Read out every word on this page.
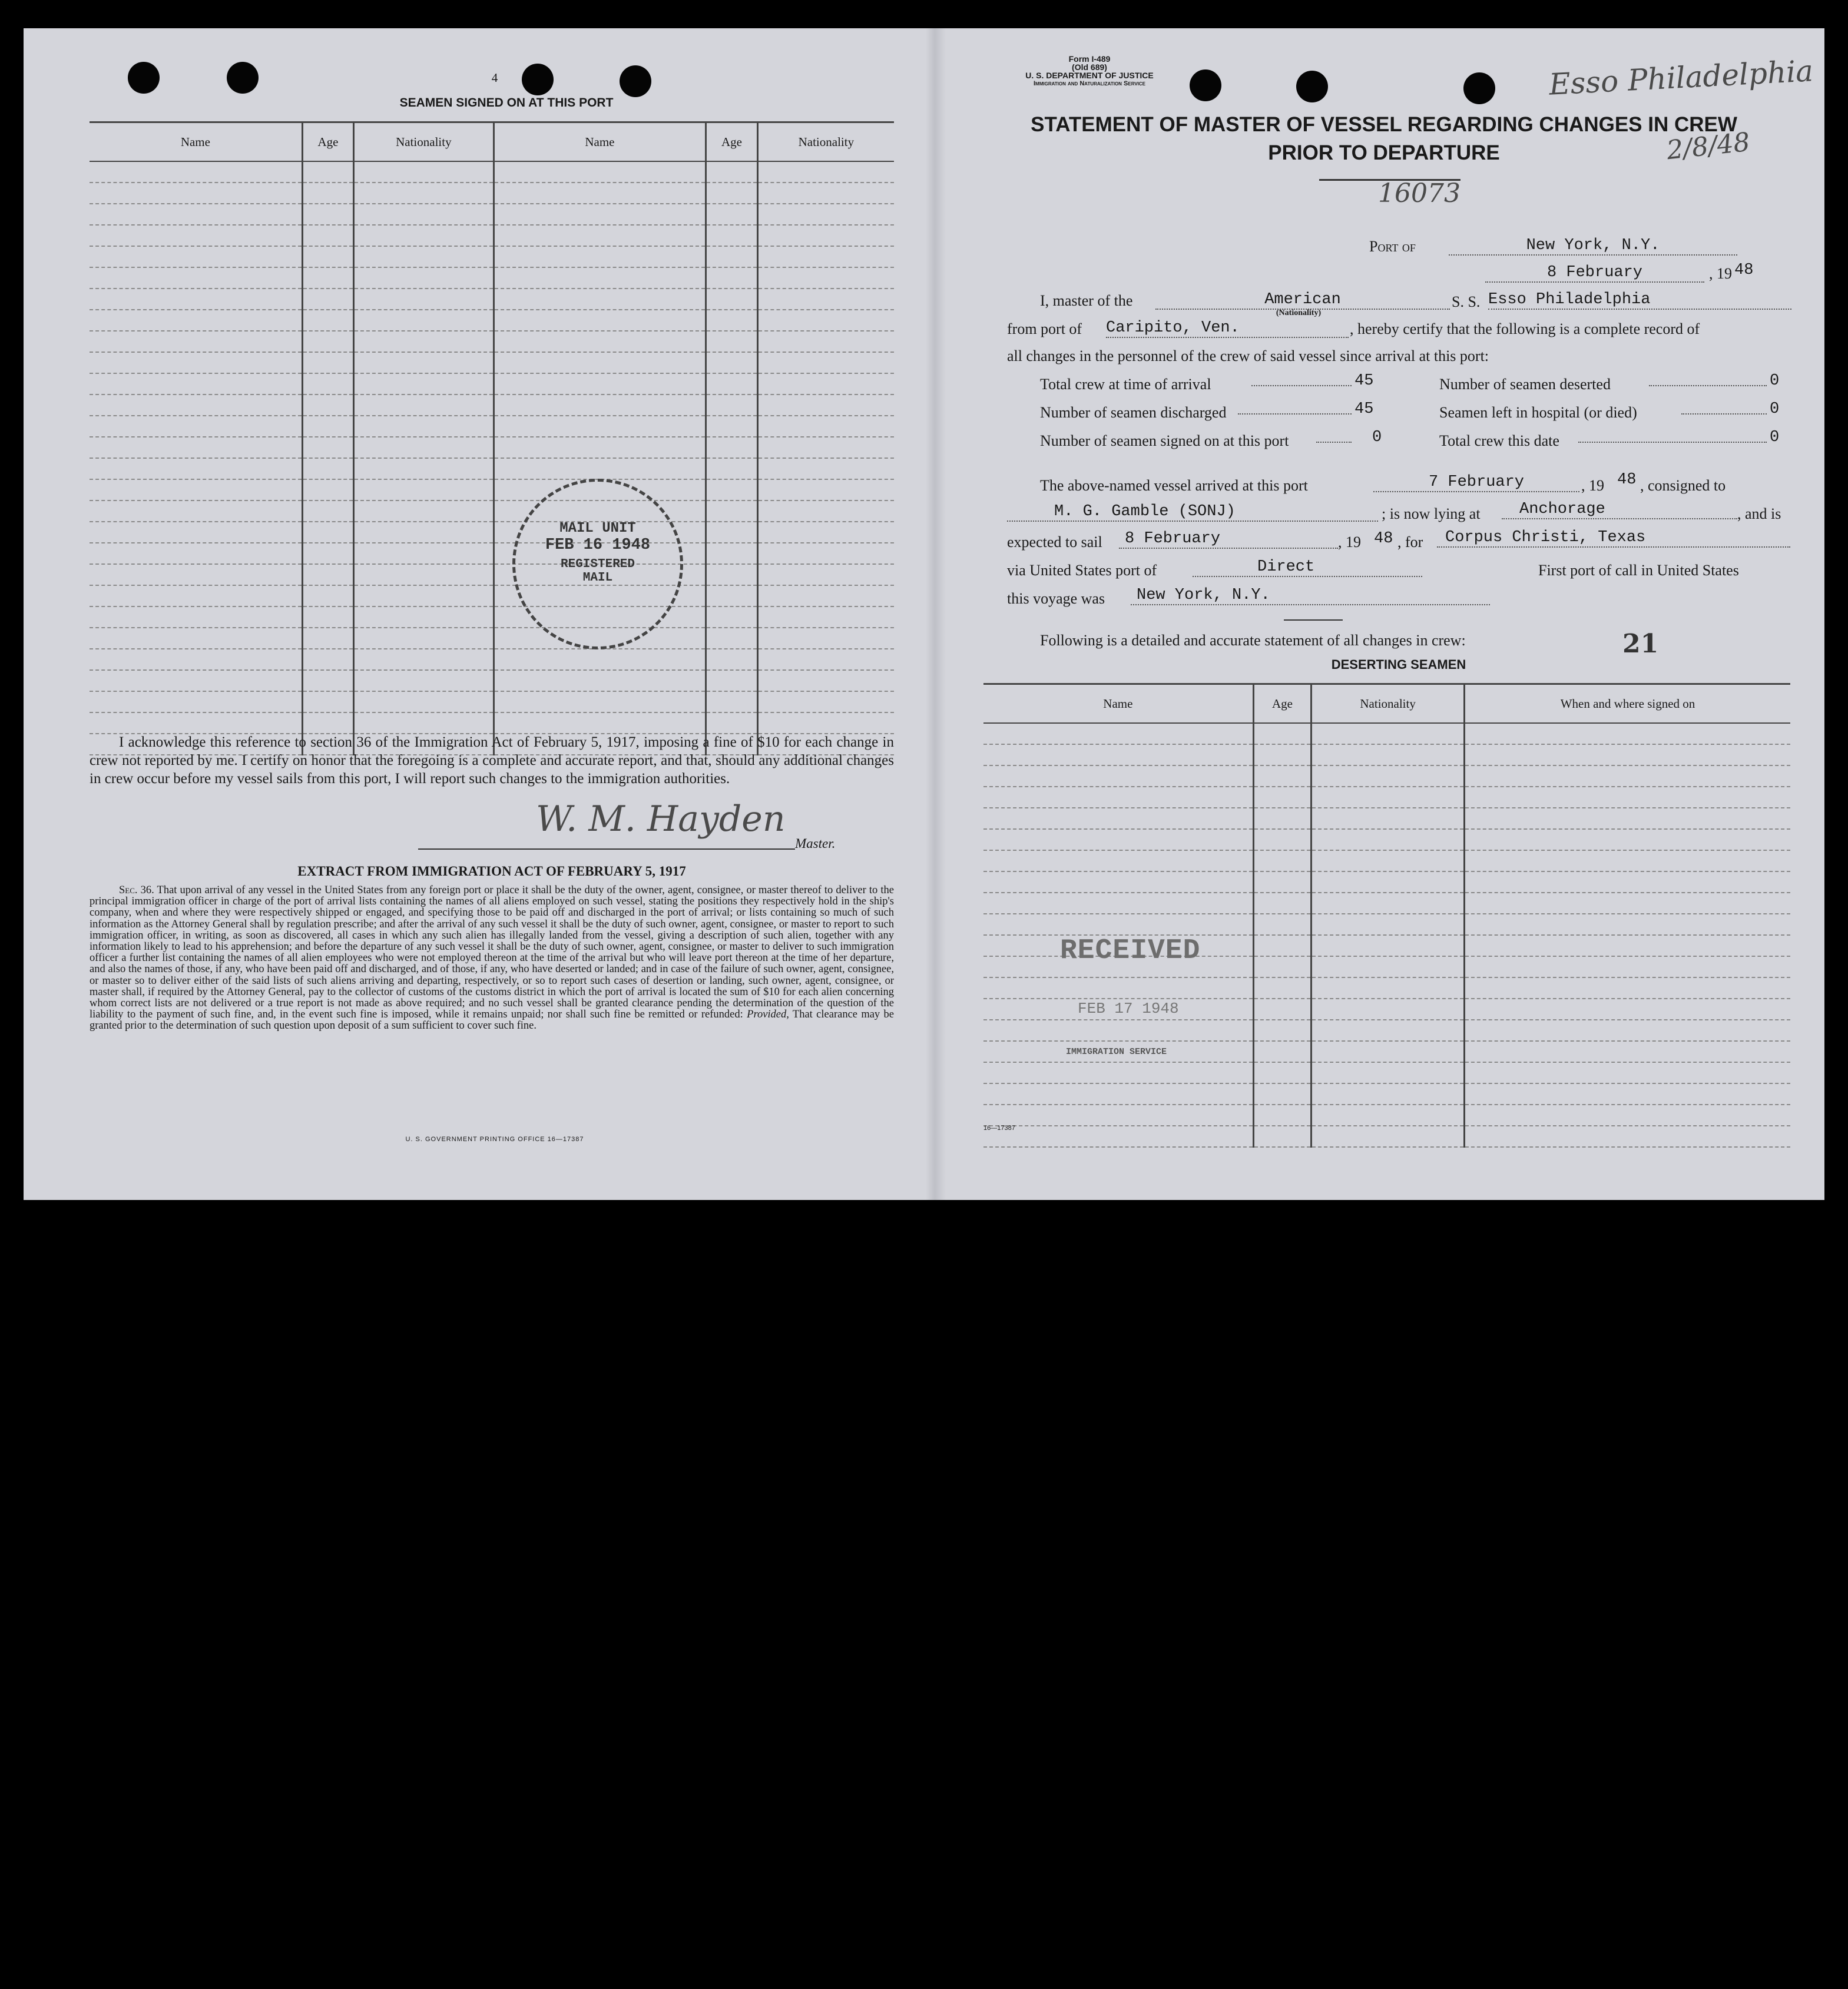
4
SEAMEN SIGNED ON AT THIS PORT
Name	Age	Nationality	Name	Age	Nationality

MAIL UNIT
FEB 16 1948
REGISTERED
MAIL
I acknowledge this reference to section 36 of the Immigration Act of February 5, 1917, imposing a fine of $10 for each change in crew not reported by me. I certify on honor that the foregoing is a complete and accurate report, and that, should any additional changes in crew occur before my vessel sails from this port, I will report such changes to the immigration authorities.
W. M. Hayden
Master.
EXTRACT FROM IMMIGRATION ACT OF FEBRUARY 5, 1917
Sec. 36. That upon arrival of any vessel in the United States from any foreign port or place it shall be the duty of the owner, agent, consignee, or master thereof to deliver to the principal immigration officer in charge of the port of arrival lists containing the names of all aliens employed on such vessel, stating the positions they respectively hold in the ship's company, when and where they were respectively shipped or engaged, and specifying those to be paid off and discharged in the port of arrival; or lists containing so much of such information as the Attorney General shall by regulation prescribe; and after the arrival of any such vessel it shall be the duty of such owner, agent, consignee, or master to report to such immigration officer, in writing, as soon as discovered, all cases in which any such alien has illegally landed from the vessel, giving a description of such alien, together with any information likely to lead to his apprehension; and before the departure of any such vessel it shall be the duty of such owner, agent, consignee, or master to deliver to such immigration officer a further list containing the names of all alien employees who were not employed thereon at the time of the arrival but who will leave port thereon at the time of her departure, and also the names of those, if any, who have been paid off and discharged, and of those, if any, who have deserted or landed; and in case of the failure of such owner, agent, consignee, or master so to deliver either of the said lists of such aliens arriving and departing, respectively, or so to report such cases of desertion or landing, such owner, agent, consignee, or master shall, if required by the Attorney General, pay to the collector of customs of the customs district in which the port of arrival is located the sum of $10 for each alien concerning whom correct lists are not delivered or a true report is not made as above required; and no such vessel shall be granted clearance pending the determination of the question of the liability to the payment of such fine, and, in the event such fine is imposed, while it remains unpaid; nor shall such fine be remitted or refunded: Provided, That clearance may be granted prior to the determination of such question upon deposit of a sum sufficient to cover such fine.
U. S. GOVERNMENT PRINTING OFFICE 16—17387
Form I-489
(Old 689)
U. S. DEPARTMENT OF JUSTICE
Immigration and Naturalization Service	Esso Philadelphia
2/8/48
STATEMENT OF MASTER OF VESSEL REGARDING CHANGES IN CREW
PRIOR TO DEPARTURE
16073
Port of	New York, N.Y.
8 February	, 19 48
I, master of the	American
(Nationality)
S. S. Esso Philadelphia
from port of Caripito, Ven.	, hereby certify that the following is a complete record of
all changes in the personnel of the crew of said vessel since arrival at this port:
Total crew at time of arrival	45	Number of seamen deserted	0
Number of seamen discharged	45	Seamen left in hospital (or died)	0
Number of seamen signed on at this port	0	Total crew this date	0
The above-named vessel arrived at this port	7 February	, 19 48 , consigned to
M. G. Gamble (SONJ)	; is now lying at	Anchorage	, and is
expected to sail	8 February	, 19 48 , for	Corpus Christi, Texas
via United States port of	Direct	First port of call in United States
this voyage was	New York, N.Y.
21
Following is a detailed and accurate statement of all changes in crew:
DESERTING SEAMEN
Name	Age	Nationality	When and where signed on

RECEIVED
FEB 17 1948
IMMIGRATION SERVICE
16—17387
